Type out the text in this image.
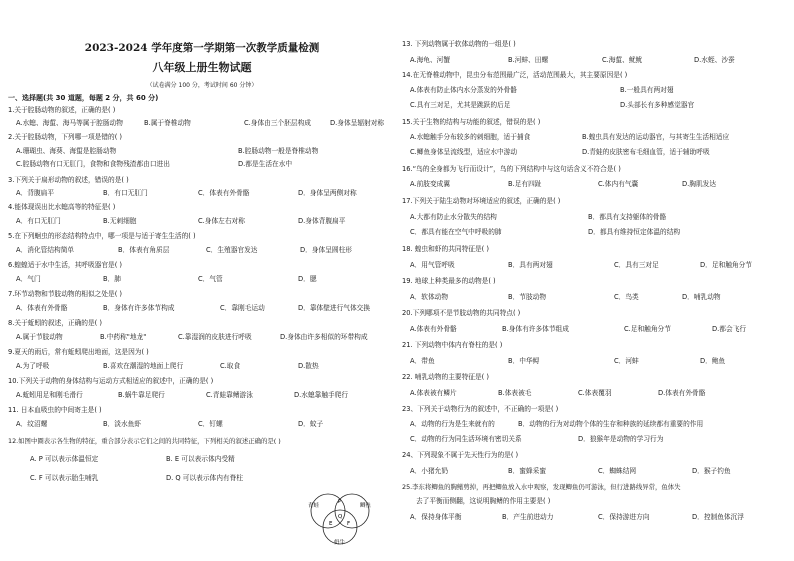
2023-2024 学年度第一学期第一次教学质量检测
八年级上册生物试题
（试卷满分 100 分，考试时间 60 分钟）
一、选择题(共 30 道题，每题 2 分，共 60 分)
1.关于腔肠动物的叙述，正确的是( )
A.水螅、海蜇、海马等属于腔肠动物	B.属于脊椎动物	C.身体由三个胚层构成	D.身体呈辐射对称
2.关于腔肠动物，下列哪一项是错的( )
A.珊瑚虫、海葵、海蜇是腔肠动物	B.腔肠动物一般是脊椎动物
C.腔肠动物有口无肛门，食物和食物残渣都由口进出	D.都是生活在水中
3.下列关于扁形动物的叙述，错误的是( )
A．背腹扁平	B．有口无肛门	C．体表有外骨骼	D．身体呈两侧对称
4.能体现误出比水螅高等的特征是( )
A．有口无肛门	B.无刺细胞	C.身体左右对称	D.身体背腹扁平
5.在下列蛔虫的形态结构特点中，哪一项是与适于寄生生活的( )
A．消化管结构简单	B．体表有角质层	C．生殖器官发达	D．身体呈圆柱形
6.蝗蝗适于水中生活，其呼吸器官是( )
A．气门	B．肺	C．气管	D．腮
7.环节动物和节肢动物的相似之处是( )
A．体表有外骨骼	B．身体有许多体节构成	C．靠刚毛运动	D．靠体壁进行气体交换
8.关于蚯蚓的叙述，正确的是( )
A.属于节肢动物	B.中药称"地龙"	C.靠湿润的皮肤进行呼吸	D.身体由许多相似的环带构成
9.夏天的雨后，常有蚯蚓爬出地面，这是因为( )
A.为了呼吸	B.喜欢在潮湿的地面上爬行	C.取食	D.散热
10.下列关于动物的身体结构与运动方式相适应的叙述中，正确的是( )
A.蚯蚓用足和刚毛滑行	B.蜗牛靠足爬行	C.青蛙靠鳍游泳	D.水螅靠触手爬行
11. 日本血吸虫的中间寄主是( )
A．纹沼螺	B．淡水鱼虾	C．钉螺	D．蚊子
12.如图中圈表示各生物的特征，重合部分表示它们之间的共同特征，下列相关的叙述正确的是( )
A. P 可以表示体温恒定	B. E 可以表示体内受精
C. F 可以表示胎生哺乳	D. Q 可以表示体内有脊柱
青蛙	鲫鱼
奶牛
P
Q
E	F
13. 下列动物属于软体动物的一组是( )
A.海龟、河蟹	B.河蚌、田螺	C.海蜇、鱿鱿	D.水蛭、沙蚕
14.在无脊椎动物中，昆虫分布范围最广泛，活动范围最大，其主要原因是( )
A.体表有防止体内水分蒸发的外骨骼	B.一般具有两对翅
C.具有三对足，尤其是跳跃的后足	D.头部长有多种感觉器官
15.关于生物的结构与功能的叙述，错误的是( )
A.水螅触手分布较多的刺细胞，适于捕食	B.蝗虫具有发达的运动器官，与其寄生生活相适应
C.鲫鱼身体呈流线型，适应水中游动	D.青蛙的皮肤密布毛细血管，适于辅助呼吸
16.“鸟的全身都为飞行而设计”，鸟的下列结构中与这句话含义不符合是( )
A.前肢变成翼	B.足有四趾	C.体内有气囊	D.胸肌发达
17.下列关于陆生动物对环境适应的叙述，正确的是( )
A.大都有防止水分散失的结构	B．都具有支持躯体的骨骼
C．都具有能在空气中呼吸的肺	D．都具有维持恒定体温的结构
18. 蝗虫和虾的共同特征是( )
A．用气管呼吸	B．具有两对翅	C．具有三对足	D．足和触角分节
19. 地球上种类最多的动物是( )
A．软体动物	B．节肢动物	C．鸟类	D．哺乳动物
20.下列哪项不是节肢动物的共同特点( )
A.体表有外骨骼	B.身体有许多体节组成	C.足和触角分节	D.都会飞行
21. 下列动物中体内有脊柱的是( )
A．带鱼	B．中华鲟	C．河蚌	D．鲍鱼
22. 哺乳动物的主要特征是( )
A.体表被有鳞片	B.体表被毛	C.体表覆羽	D.体表有外骨骼
23、下列关于动物行为的叙述中，不正确的一项是( )
A．动物的行为是生来就有的	B．动物的行为对动物个体的生存和种族的延续都有重要的作用
C．动物的行为同生活环境有密切关系	D．狼猴年是动物的学习行为
24、下列现象不属于先天性行为的是( )
A．小猪允奶	B．蜜蜂采蜜	C．蜘蛛结网	D．猴子钓鱼
25.李东将鲫鱼的胸鳍剪掉，再把鲫鱼放入水中观察，发现鲫鱼仍可游泳，但行进路线异常，鱼体失
去了平衡而侧翻，这说明胸鳍的作用主要是( )
A．保持身体平衡	B．产生前进动力	C．保持游进方向	D．控制鱼体沉浮
